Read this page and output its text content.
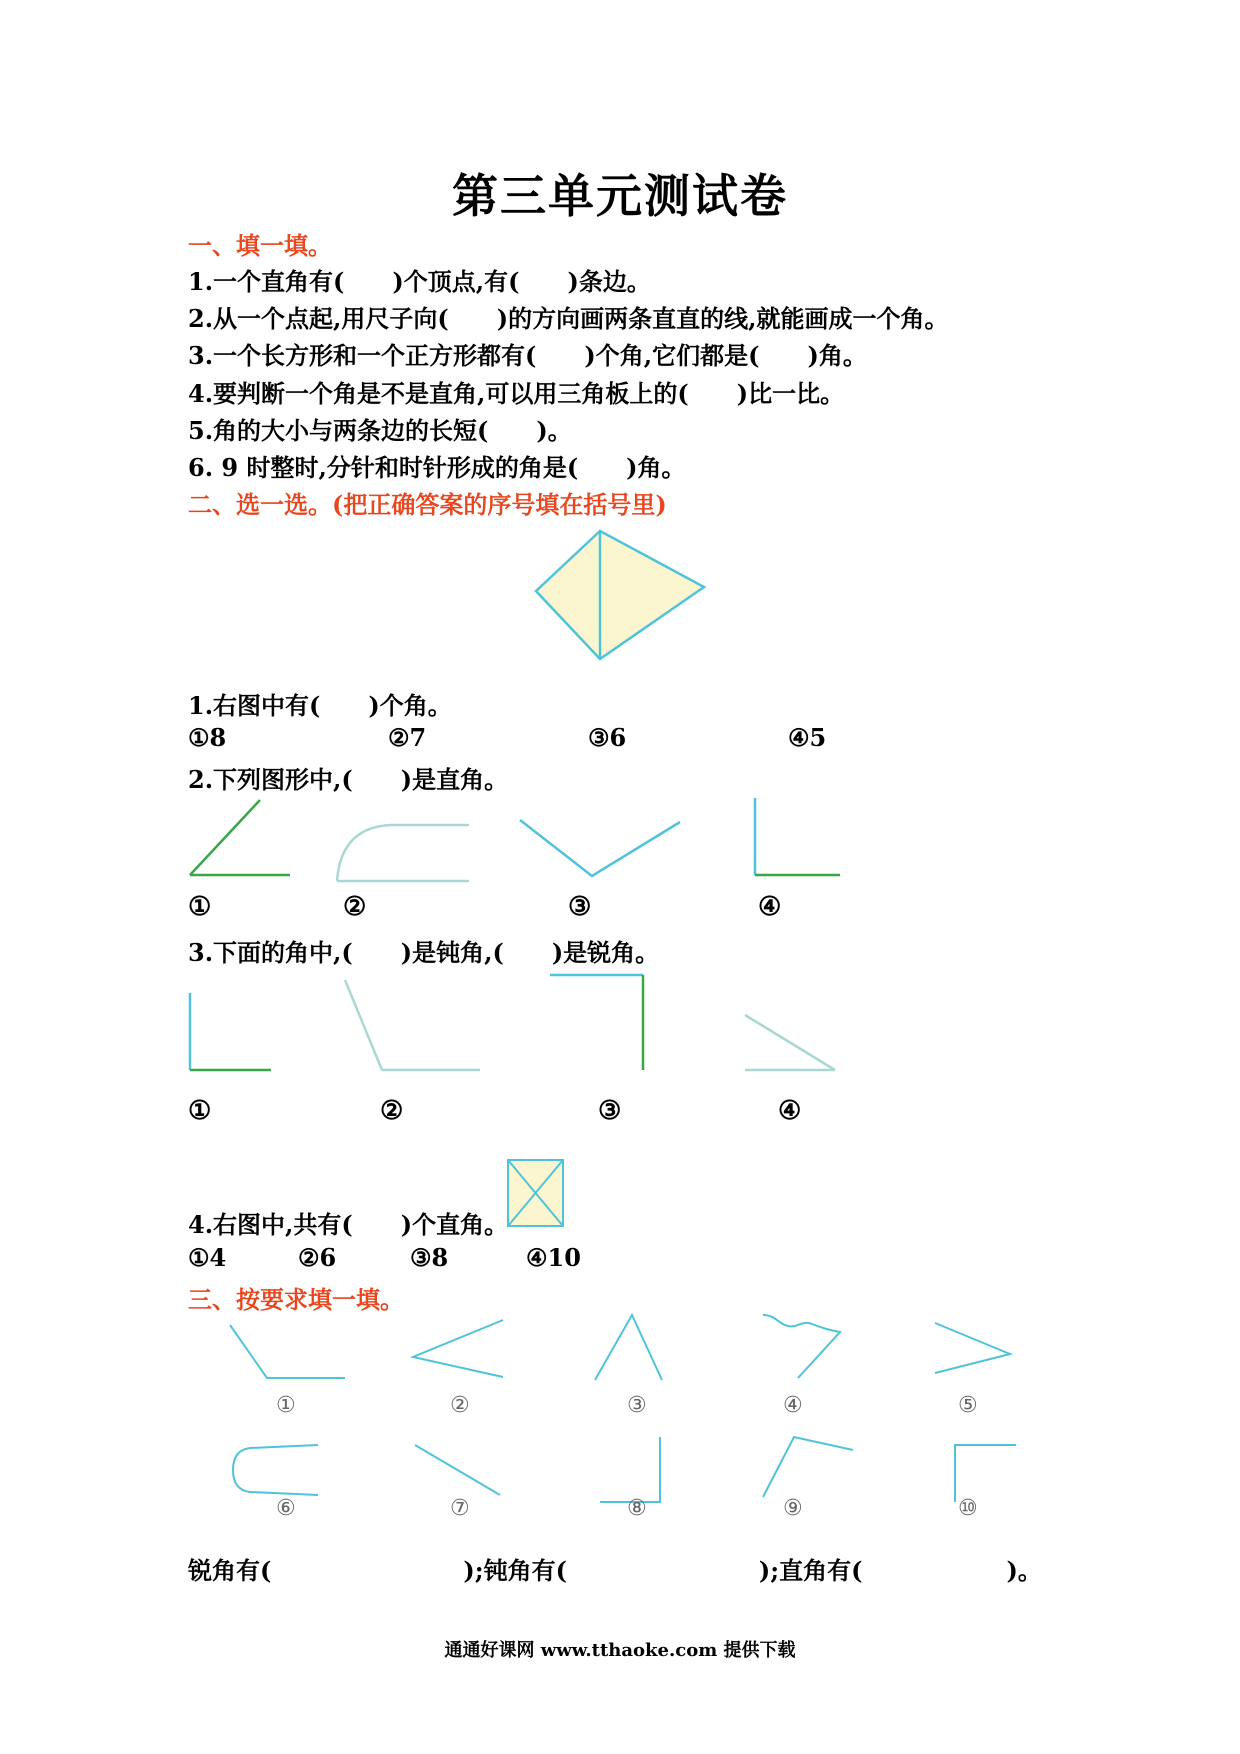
第三单元测试卷
一、填一填。
1.一个直角有(　　)个顶点,有(　　)条边。
2.从一个点起,用尺子向(　　)的方向画两条直直的线,就能画成一个角。
3.一个长方形和一个正方形都有(　　)个角,它们都是(　　)角。
4.要判断一个角是不是直角,可以用三角板上的(　　)比一比。
5.角的大小与两条边的长短(　　)。
6. 9 时整时,分针和时针形成的角是(　　)角。
二、选一选。(把正确答案的序号填在括号里)
1.右图中有(　　)个角。
①8	②7	③6	④5
2.下列图形中,(　　)是直角。
①	②	③	④
3.下面的角中,(　　)是钝角,(　　)是锐角。
①	②	③	④
4.右图中,共有(　　)个直角。
①4	②6	③8	④10
三、按要求填一填。
①	②	③	④	⑤
⑥	⑦	⑧	⑨	⑩
锐角有(　　　　　　　　);钝角有(　　　　　　　　);直角有(　　　　　　)。
通通好课网 www.tthaoke.com 提供下载
